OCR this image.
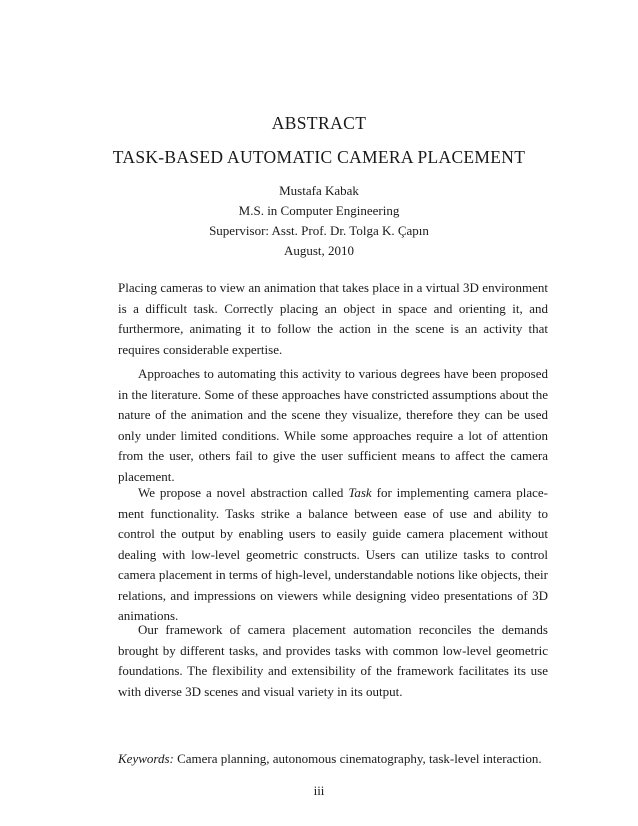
ABSTRACT
TASK-BASED AUTOMATIC CAMERA PLACEMENT
Mustafa Kabak
M.S. in Computer Engineering
Supervisor: Asst. Prof. Dr. Tolga K. Çapın
August, 2010

Placing cameras to view an animation that takes place in a virtual 3D environment is a difficult task. Correctly placing an object in space and orienting it, and furthermore, animating it to follow the action in the scene is an activity that requires considerable expertise.

Approaches to automating this activity to various degrees have been proposed in the literature. Some of these approaches have constricted assumptions about the nature of the animation and the scene they visualize, therefore they can be used only under limited conditions. While some approaches require a lot of attention from the user, others fail to give the user sufficient means to affect the camera placement.

We propose a novel abstraction called Task for implementing camera placement functionality. Tasks strike a balance between ease of use and ability to control the output by enabling users to easily guide camera placement without dealing with low-level geometric constructs. Users can utilize tasks to control camera placement in terms of high-level, understandable notions like objects, their relations, and impressions on viewers while designing video presentations of 3D animations.

Our framework of camera placement automation reconciles the demands brought by different tasks, and provides tasks with common low-level geometric foundations. The flexibility and extensibility of the framework facilitates its use with diverse 3D scenes and visual variety in its output.

Keywords: Camera planning, autonomous cinematography, task-level interaction.
iii
